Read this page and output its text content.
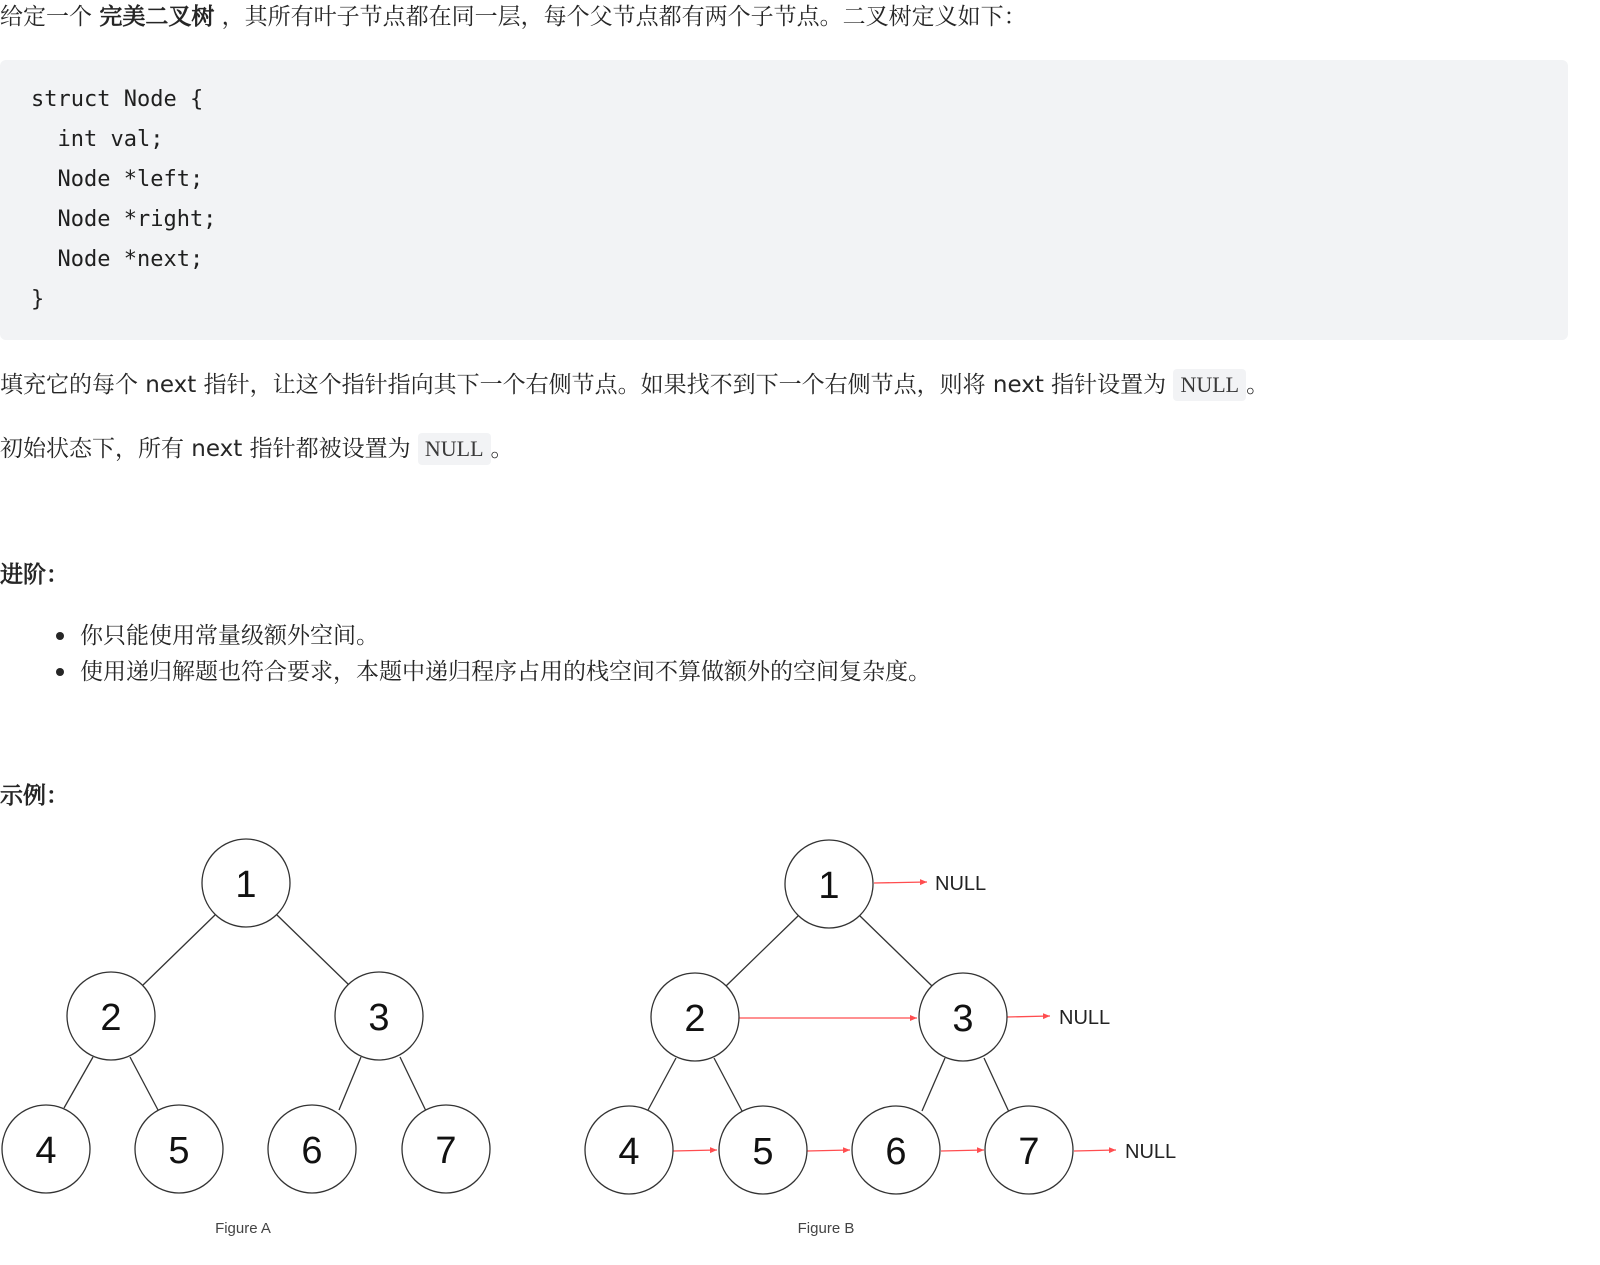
给定一个 完美二叉树 ，其所有叶子节点都在同一层，每个父节点都有两个子节点。二叉树定义如下：
struct Node {
int val;
Node *left;
Node *right;
Node *next;
}
填充它的每个 next 指针，让这个指针指向其下一个右侧节点。如果找不到下一个右侧节点，则将 next 指针设置为 NULL 。
初始状态下，所有 next 指针都被设置为 NULL 。
进阶：
你只能使用常量级额外空间。
使用递归解题也符合要求，本题中递归程序占用的栈空间不算做额外的空间复杂度。
示例：
1
2	3
4	5	6	7
Figure A
1
2	3
4	5	6	7
NULL
NULL
NULL
Figure B
